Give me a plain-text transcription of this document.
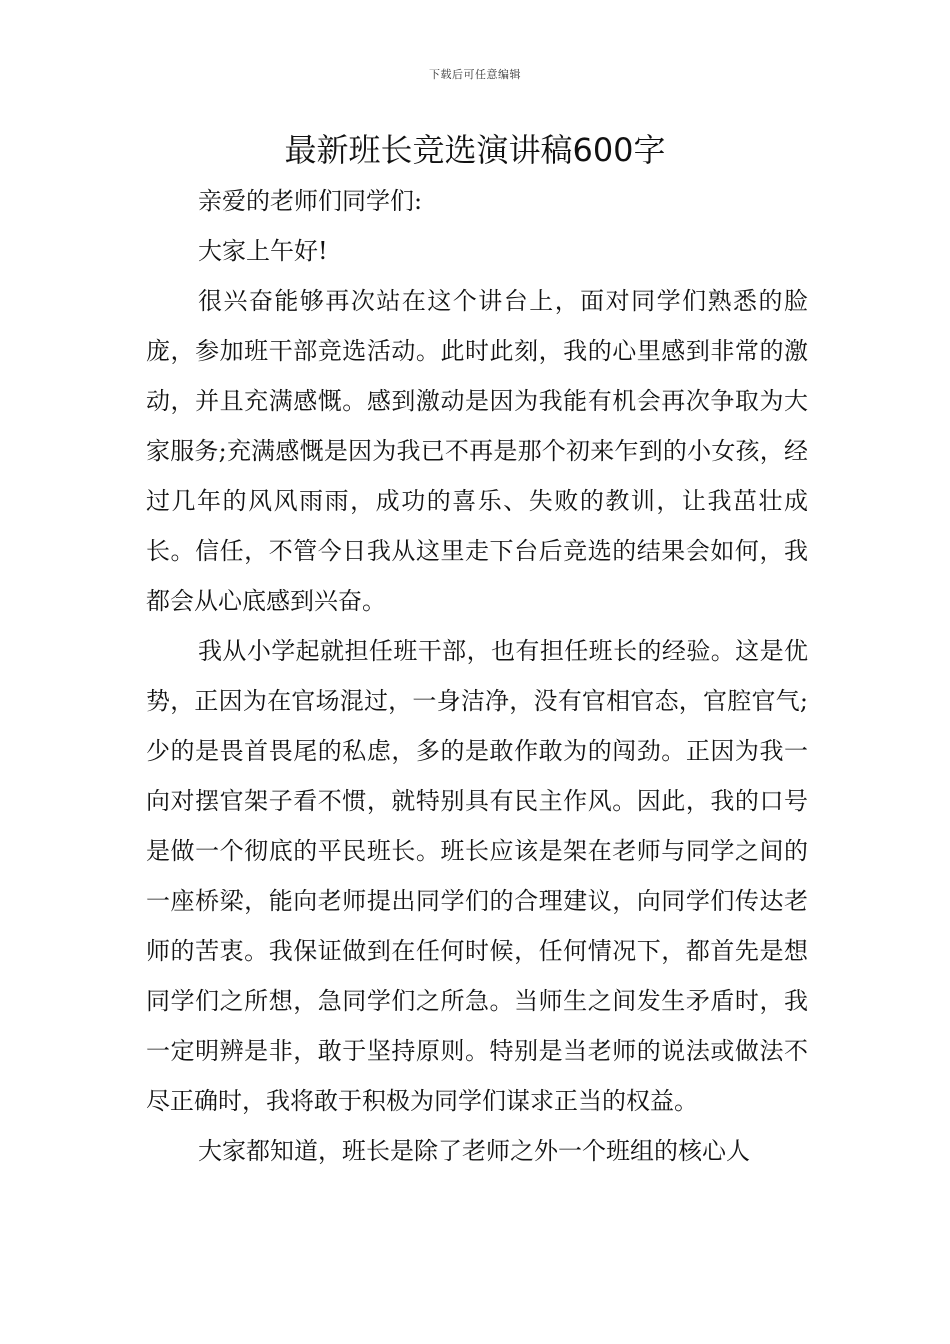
下载后可任意编辑
最新班长竞选演讲稿600字

亲爱的老师们同学们:

大家上午好!

很兴奋能够再次站在这个讲台上，面对同学们熟悉的脸庞，参加班干部竞选活动。此时此刻，我的心里感到非常的激动，并且充满感慨。感到激动是因为我能有机会再次争取为大家服务;充满感慨是因为我已不再是那个初来乍到的小女孩，经过几年的风风雨雨，成功的喜乐、失败的教训，让我茁壮成长。信任，不管今日我从这里走下台后竞选的结果会如何，我都会从心底感到兴奋。

我从小学起就担任班干部，也有担任班长的经验。这是优势，正因为在官场混过，一身洁净，没有官相官态，官腔官气;少的是畏首畏尾的私虑，多的是敢作敢为的闯劲。正因为我一向对摆官架子看不惯，就特别具有民主作风。因此，我的口号是做一个彻底的平民班长。班长应该是架在老师与同学之间的一座桥梁，能向老师提出同学们的合理建议，向同学们传达老师的苦衷。我保证做到在任何时候，任何情况下，都首先是想同学们之所想，急同学们之所急。当师生之间发生矛盾时，我一定明辨是非，敢于坚持原则。特别是当老师的说法或做法不尽正确时，我将敢于积极为同学们谋求正当的权益。

大家都知道，班长是除了老师之外一个班组的核心人
